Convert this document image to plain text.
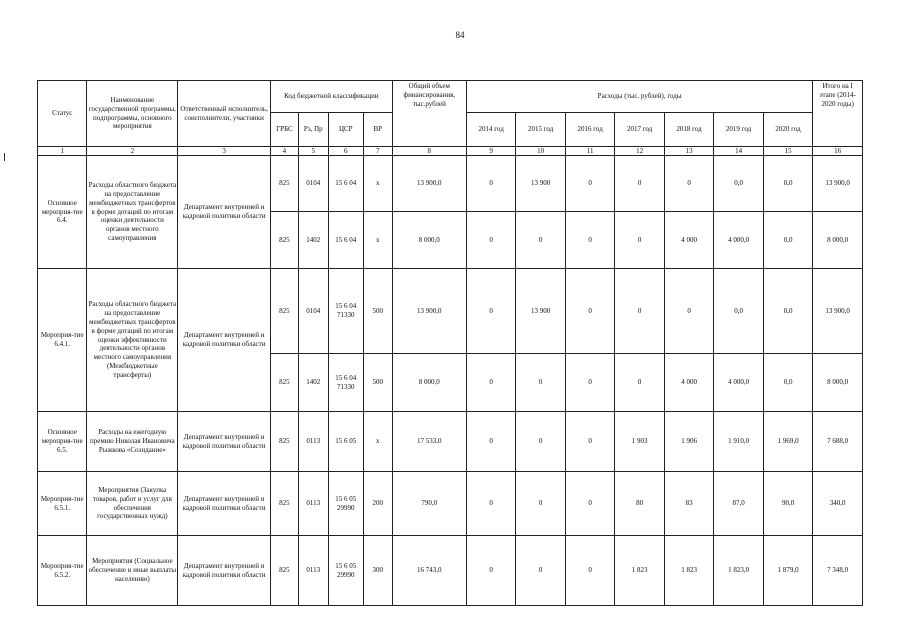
84
Статус	Наименование государственной программы, подпрограммы, основного мероприятия	Ответственный исполнитель, соисполнители, участники	Код бюджетной классификации				Общий объем финансирования, тыс.рублей	Расходы (тыс. рублей), годы							Итого на I этапе (2014-2020 годы)
			ГРБС	Рз, Пр	ЦСР	ВР		2014 год	2015 год	2016 год	2017 год	2018 год	2019 год	2020 год	
1	2	3	4	5	6	7	8	9	10	11	12	13	14	15	16
Основное мероприя-тие 6.4.	Расходы областного бюджета на предоставление межбюджетных трансфертов в форме дотаций по итогам оценки деятельности органов местного самоуправления	Департамент внутренней и кадровой политики области	825	0104	15 6 04	x	13 900,0	0	13 900	0	0	0	0,0	0,0	13 900,0
			825	1402	15 6 04	x	8 000,0	0	0	0	0	4 000	4 000,0	0,0	8 000,0
Мероприя-тие 6.4.1.	Расходы областного бюджета на предоставление межбюджетных трансфертов в форме дотаций по итогам оценки эффективности деятельности органов местного самоуправления (Межбюджетные трансферты)	Департамент внутренней и кадровой политики области	825	0104	15 6 04 71330	500	13 900,0	0	13 900	0	0	0	0,0	0,0	13 900,0
			825	1402	15 6 04 71330	500	8 000,0	0	0	0	0	4 000	4 000,0	0,0	8 000,0
Основное мероприя-тие 6.5.	Расходы на ежегодную премию Николая Ивановича Рыжкова «Созидание»	Департамент внутренней и кадровой политики области	825	0113	15 6 05	x	17 533,0	0	0	0	1 903	1 906	1 910,0	1 969,0	7 688,0
Мероприя-тие 6.5.1.	Мероприятия (Закупка товаров, работ и услуг для обеспечения государственных нужд)	Департамент внутренней и кадровой политики области	825	0113	15 6 05 29990	200	790,0	0	0	0	80	83	87,0	90,0	340,0
Мероприя-тие 6.5.2.	Мероприятия (Социальное обеспечение и иные выплаты населению)	Департамент внутренней и кадровой политики области	825	0113	15 6 05 29990	300	16 743,0	0	0	0	1 823	1 823	1 823,0	1 879,0	7 348,0
